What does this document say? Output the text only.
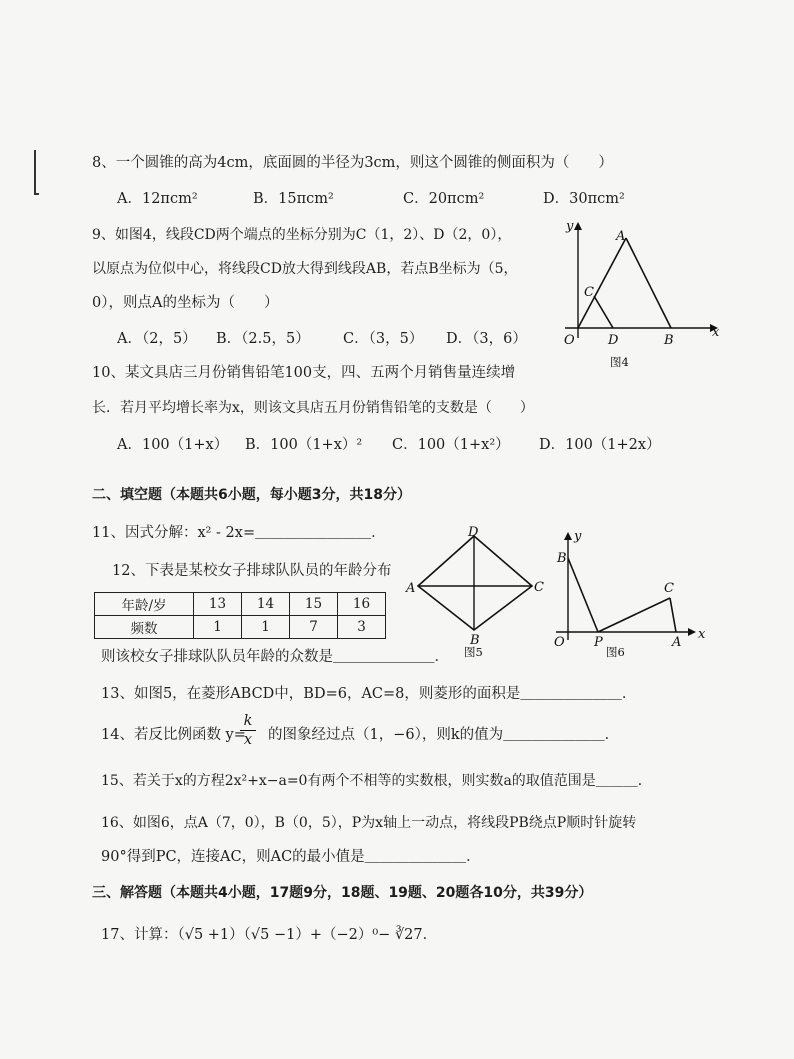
8、一个圆锥的高为4cm，底面圆的半径为3cm，则这个圆锥的侧面积为（　　）
A．12πcm²	B．15πcm²	C．20πcm²	D．30πcm²
9、如图4，线段CD两个端点的坐标分别为C（1，2）、D（2，0），
以原点为位似中心，将线段CD放大得到线段AB，若点B坐标为（5，
0），则点A的坐标为（　　）
A．（2，5） B．（2.5，5） C．（3，5） D．（3，6）
y
x
O
A
C
D	B
图4
10、某文具店三月份销售铅笔100支，四、五两个月销售量连续增
长．若月平均增长率为x，则该文具店五月份销售铅笔的支数是（　　）
A．100（1+x） B．100（1+x）² C．100（1+x²） D．100（1+2x）
二、填空题（本题共6小题，每小题3分，共18分）
11、因式分解：x² - 2x=＿＿＿＿＿＿＿＿．
12、下表是某校女子排球队队员的年龄分布
年龄/岁	13	14	15	16
频数	1	1	7	3
则该校女子排球队队员年龄的众数是＿＿＿＿＿＿＿．
D
C
A
B
图5
y
B
C
O P	A
x
图6
13、如图5，在菱形ABCD中，BD=6，AC=8，则菱形的面积是＿＿＿＿＿＿＿．
14、若反比例函数 y=
$\frac{k}{x}$ 的图象经过点（1，−6），则k的值为＿＿＿＿＿＿＿．
15、若关于x的方程2x²+x−a=0有两个不相等的实数根，则实数a的取值范围是＿＿＿．
16、如图6，点A（7，0），B（0，5），P为x轴上一动点，将线段PB绕点P顺时针旋转
90°得到PC，连接AC，则AC的最小值是＿＿＿＿＿＿＿．
三、解答题（本题共4小题，17题9分，18题、19题、20题各10分，共39分）
17、计算：（√5 +1）（√5 −1）+（−2）⁰− ∛27．
